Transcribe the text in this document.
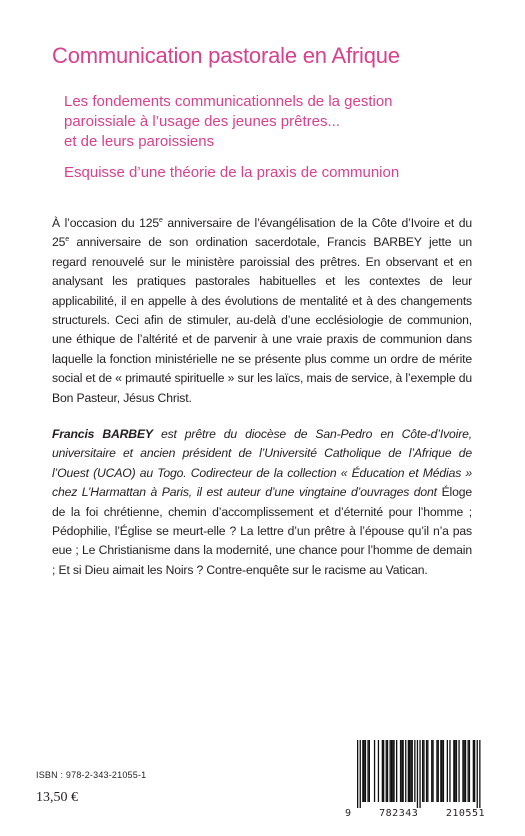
Communication pastorale en Afrique
Les fondements communicationnels de la gestion
paroissiale à l’usage des jeunes prêtres...
et de leurs paroissiens
Esquisse d’une théorie de la praxis de communion
À l’occasion du 125e anniversaire de l’évangélisation de la Côte d’Ivoire et du 25e anniversaire de son ordination sacerdotale, Francis BARBEY jette un regard renouvelé sur le ministère paroissial des prêtres. En observant et en analysant les pratiques pastorales habituelles et les contextes de leur applicabilité, il en appelle à des évolutions de mentalité et à des changements structurels. Ceci afin de stimuler, au-delà d’une ecclésiologie de communion, une éthique de l’altérité et de parvenir à une vraie praxis de communion dans laquelle la fonction ministérielle ne se présente plus comme un ordre de mérite social et de « primauté spirituelle » sur les laïcs, mais de service, à l’exemple du Bon Pasteur, Jésus Christ.
Francis BARBEY est prêtre du diocèse de San-Pedro en Côte-d’Ivoire, universitaire et ancien président de l’Université Catholique de l’Afrique de l’Ouest (UCAO) au Togo. Codirecteur de la collection « Éducation et Médias » chez L’Harmattan à Paris, il est auteur d’une vingtaine d’ouvrages dont Éloge de la foi chrétienne, chemin d’accomplissement et d’éternité pour l’homme ; Pédophilie, l’Église se meurt-elle ? La lettre d’un prêtre à l’épouse qu’il n’a pas eue ; Le Christianisme dans la modernité, une chance pour l’homme de demain ; Et si Dieu aimait les Noirs ? Contre-enquête sur le racisme au Vatican.
ISBN : 978-2-343-21055-1
13,50 €
9	782343	210551
